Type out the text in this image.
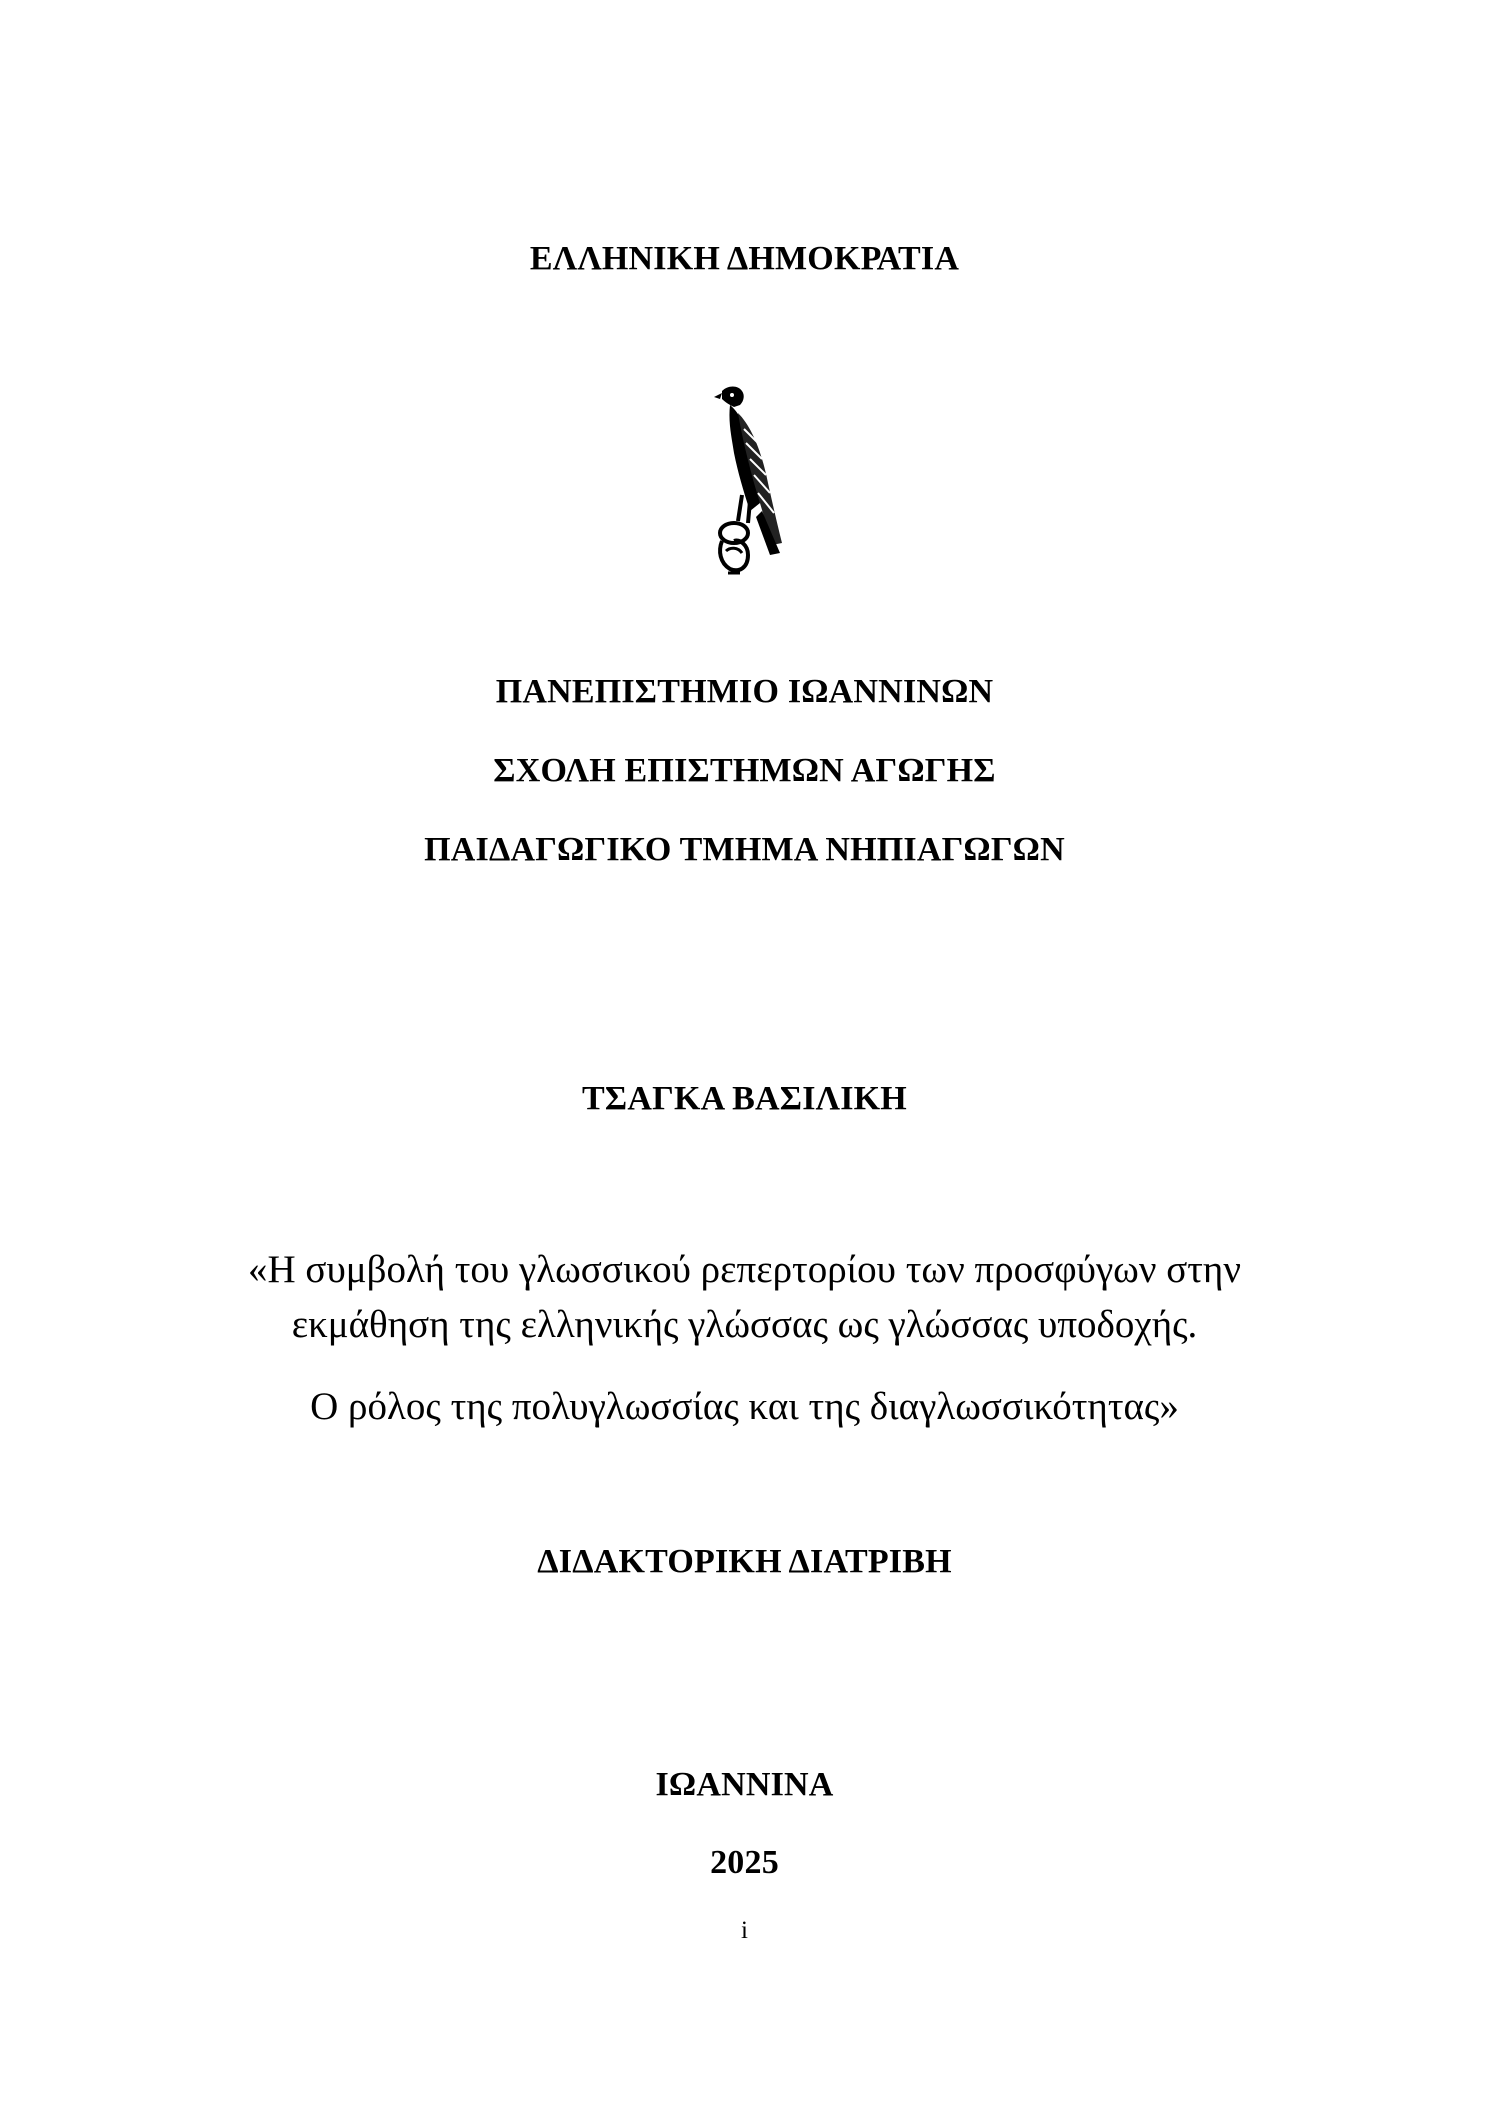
ΕΛΛΗΝΙΚΗ ΔΗΜΟΚΡΑΤΙΑ
ΠΑΝΕΠΙΣΤΗΜΙΟ ΙΩΑΝΝΙΝΩΝ
ΣΧΟΛΗ ΕΠΙΣΤΗΜΩΝ ΑΓΩΓΗΣ
ΠΑΙΔΑΓΩΓΙΚΟ ΤΜΗΜΑ ΝΗΠΙΑΓΩΓΩΝ
ΤΣΑΓΚΑ ΒΑΣΙΛΙΚΗ
«Η συμβολή του γλωσσικού ρεπερτορίου των προσφύγων στην
εκμάθηση της ελληνικής γλώσσας ως γλώσσας υποδοχής.
Ο ρόλος της πολυγλωσσίας και της διαγλωσσικότητας»
ΔΙΔΑΚΤΟΡΙΚΗ ΔΙΑΤΡΙΒΗ
ΙΩΑΝΝΙΝΑ
2025
i
